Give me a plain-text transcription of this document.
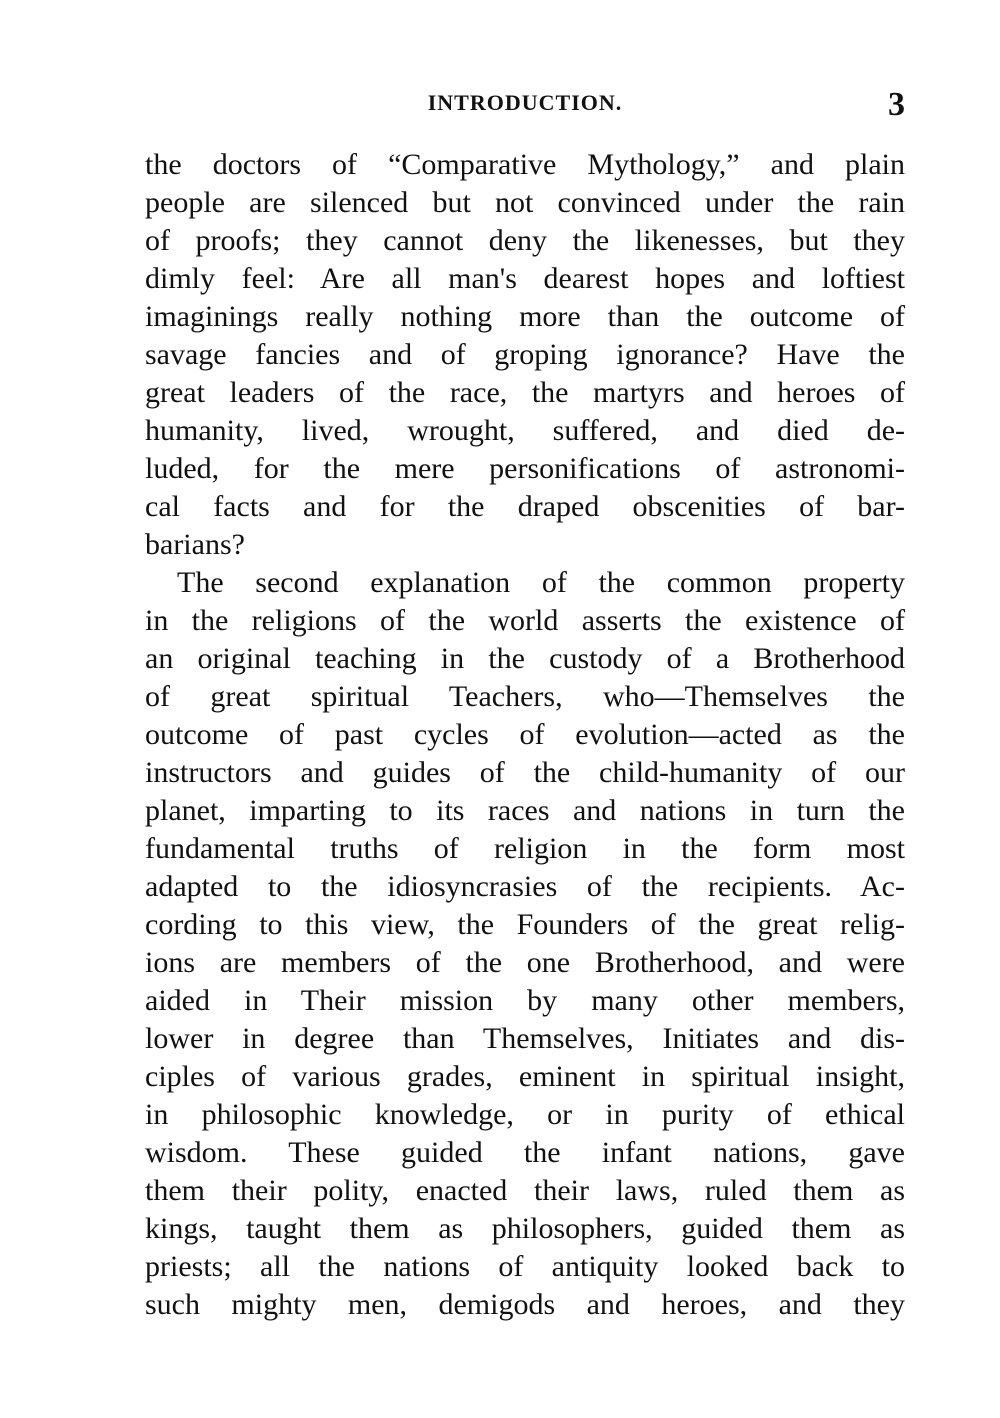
INTRODUCTION.	3
the doctors of “Comparative Mythology,” and plain
people are silenced but not convinced under the rain
of proofs; they cannot deny the likenesses, but they
dimly feel: Are all man's dearest hopes and loftiest
imaginings really nothing more than the outcome of
savage fancies and of groping ignorance? Have the
great leaders of the race, the martyrs and heroes of
humanity, lived, wrought, suffered, and died de-
luded, for the mere personifications of astronomi-
cal facts and for the draped obscenities of bar-
barians?
The second explanation of the common property
in the religions of the world asserts the existence of
an original teaching in the custody of a Brotherhood
of great spiritual Teachers, who—Themselves the
outcome of past cycles of evolution—acted as the
instructors and guides of the child-humanity of our
planet, imparting to its races and nations in turn the
fundamental truths of religion in the form most
adapted to the idiosyncrasies of the recipients. Ac-
cording to this view, the Founders of the great relig-
ions are members of the one Brotherhood, and were
aided in Their mission by many other members,
lower in degree than Themselves, Initiates and dis-
ciples of various grades, eminent in spiritual insight,
in philosophic knowledge, or in purity of ethical
wisdom. These guided the infant nations, gave
them their polity, enacted their laws, ruled them as
kings, taught them as philosophers, guided them as
priests; all the nations of antiquity looked back to
such mighty men, demigods and heroes, and they
